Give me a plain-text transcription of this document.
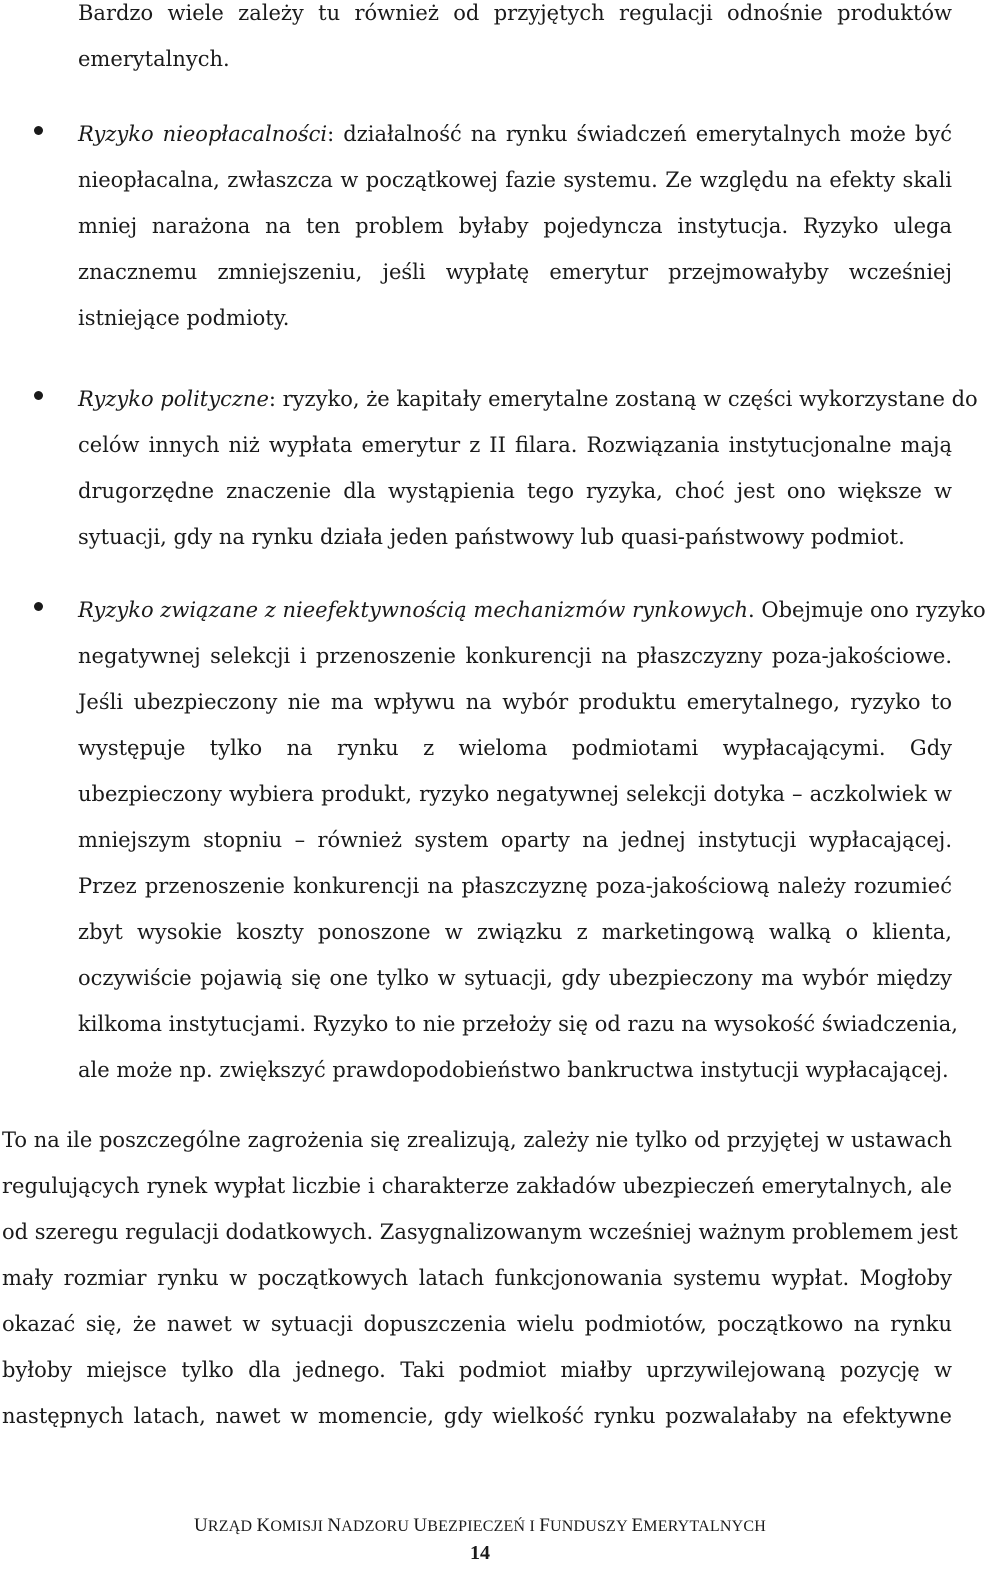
Bardzo wiele zależy tu również od przyjętych regulacji odnośnie produktów
emerytalnych.
Ryzyko nieopłacalności: działalność na rynku świadczeń emerytalnych może być
nieopłacalna, zwłaszcza w początkowej fazie systemu. Ze względu na efekty skali
mniej narażona na ten problem byłaby pojedyncza instytucja. Ryzyko ulega
znacznemu zmniejszeniu, jeśli wypłatę emerytur przejmowałyby wcześniej
istniejące podmioty.
Ryzyko polityczne: ryzyko, że kapitały emerytalne zostaną w części wykorzystane do
celów innych niż wypłata emerytur z II filara. Rozwiązania instytucjonalne mają
drugorzędne znaczenie dla wystąpienia tego ryzyka, choć jest ono większe w
sytuacji, gdy na rynku działa jeden państwowy lub quasi-państwowy podmiot.
Ryzyko związane z nieefektywnością mechanizmów rynkowych. Obejmuje ono ryzyko
negatywnej selekcji i przenoszenie konkurencji na płaszczyzny poza-jakościowe.
Jeśli ubezpieczony nie ma wpływu na wybór produktu emerytalnego, ryzyko to
występuje tylko na rynku z wieloma podmiotami wypłacającymi. Gdy
ubezpieczony wybiera produkt, ryzyko negatywnej selekcji dotyka – aczkolwiek w
mniejszym stopniu – również system oparty na jednej instytucji wypłacającej.
Przez przenoszenie konkurencji na płaszczyznę poza-jakościową należy rozumieć
zbyt wysokie koszty ponoszone w związku z marketingową walką o klienta,
oczywiście pojawią się one tylko w sytuacji, gdy ubezpieczony ma wybór między
kilkoma instytucjami. Ryzyko to nie przełoży się od razu na wysokość świadczenia,
ale może np. zwiększyć prawdopodobieństwo bankructwa instytucji wypłacającej.
To na ile poszczególne zagrożenia się zrealizują, zależy nie tylko od przyjętej w ustawach
regulujących rynek wypłat liczbie i charakterze zakładów ubezpieczeń emerytalnych, ale
od szeregu regulacji dodatkowych. Zasygnalizowanym wcześniej ważnym problemem jest
mały rozmiar rynku w początkowych latach funkcjonowania systemu wypłat. Mogłoby
okazać się, że nawet w sytuacji dopuszczenia wielu podmiotów, początkowo na rynku
byłoby miejsce tylko dla jednego. Taki podmiot miałby uprzywilejowaną pozycję w
następnych latach, nawet w momencie, gdy wielkość rynku pozwalałaby na efektywne
URZĄD KOMISJI NADZORU UBEZPIECZEŃ I FUNDUSZY EMERYTALNYCH
14
